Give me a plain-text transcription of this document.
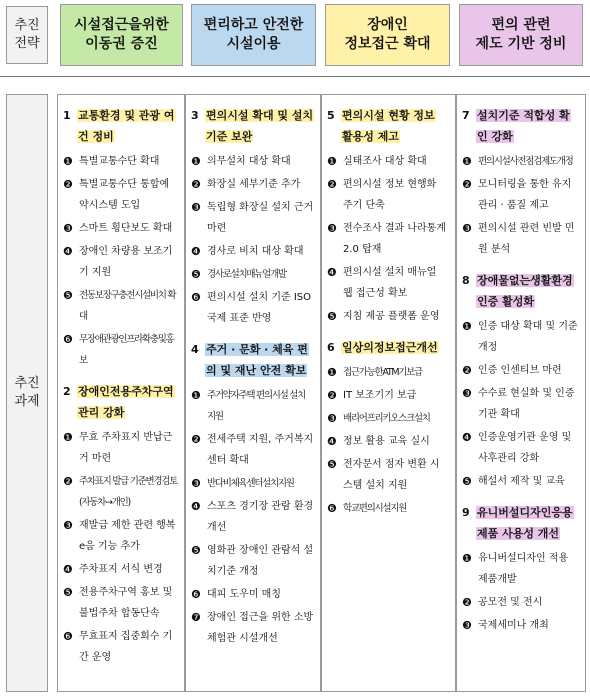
추진
전략
시설접근을위한
이동권 증진
편리하고 안전한
시설이용
장애인
정보접근 확대
편의 관련
제도 기반 정비
추진
과제
1 교통환경 및 관광 여건 정비
❶ 특별교통수단 확대
❷ 특별교통수단 통합예약시스템 도입
❸ 스마트 횡단보도 확대
❹ 장애인 차량용 보조기기 지원
❺ 전동보장구충전시설비치 확대
❻ 무장애관광인프라확충및홍보
2 장애인전용주차구역 관리 강화
❶ 무효 주차표지 반납근거 마련
❷ 주차표지 발급 기준변경검토(자동차→개인)
❸ 재발급 제한 관련 행복e음 기능 추가
❹ 주차표지 서식 변경
❺ 전용주차구역 홍보 및 불법주차 합동단속
❻ 무효표지 집중회수 기간 운영
3 편의시설 확대 및 설치기준 보완
❶ 의무설치 대상 확대
❷ 화장실 세부기준 추가
❸ 독립형 화장실 설치 근거 마련
❹ 경사로 비치 대상 확대
❺ 경사로설치매뉴얼개발
❻ 편의시설 설치 기준 ISO 국제 표준 반영
4 주거 · 문화 · 체육 편의 및 재난 안전 확보
❶ 주거약자주택 편의시설 설치 지원
❷ 전세주택 지원, 주거복지센터 확대
❸ 반다비체육센터설치지원
❹ 스포츠 경기장 관람 환경 개선
❺ 영화관 장애인 관람석 설치기준 개정
❻ 대피 도우미 매칭
❼ 장애인 접근을 위한 소방체험관 시설개선
5 편의시설 현황 정보 활용성 제고
❶ 실태조사 대상 확대
❷ 편의시설 정보 현행화 주기 단축
❸ 전수조사 결과 나라통계 2.0 탑재
❹ 편의시설 설치 매뉴얼 웹 접근성 확보
❺ 지침 제공 플랫폼 운영
6 일상의정보접근개선
❶ 접근가능한ATM기보급
❷ IT 보조기기 보급
❸ 배리어프리키오스크설치
❹ 정보 활용 교육 실시
❺ 전자문서 점자 변환 시스템 설치 지원
❻ 학교편의시설지원
7 설치기준 적합성 확인 강화
❶ 편의시설사전점검제도개정
❷ 모니터링을 통한 유지관리 · 품질 제고
❸ 편의시설 관련 빈발 민원 분석
8 장애물없는생활환경 인증 활성화
❶ 인증 대상 확대 및 기준 개정
❷ 인증 인센티브 마련
❸ 수수료 현실화 및 인증기관 확대
❹ 인증운영기관 운영 및 사후관리 강화
❺ 해설서 제작 및 교육
9 유니버설디자인응용 제품 사용성 개선
❶ 유니버설디자인 적용 제품개발
❷ 공모전 및 전시
❸ 국제세미나 개최
